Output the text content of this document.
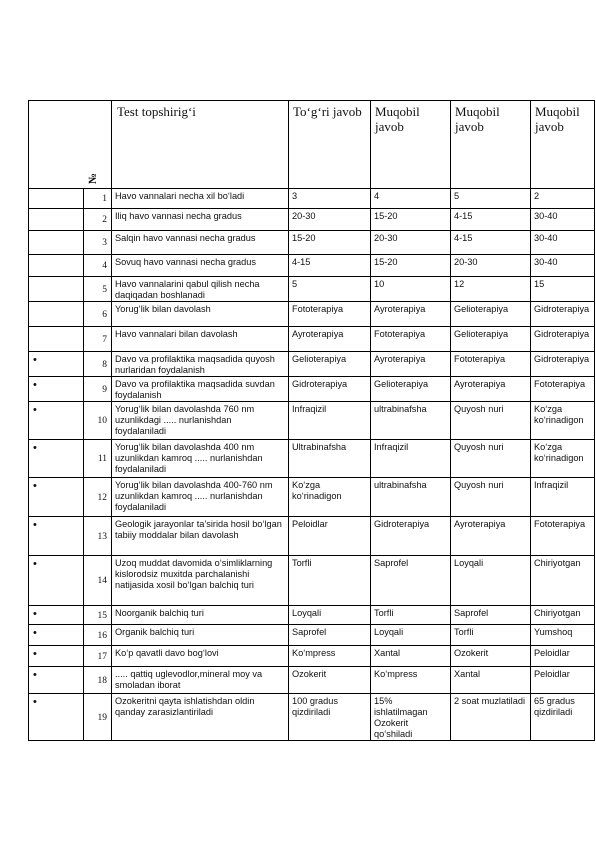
№		Test topshirig‘i	To‘g‘ri javob	Muqobil javob	Muqobil javob	Muqobil javob
	1	Havo vannalari necha xil bo‘ladi	3	4	5	2
	2	Iliq havo vannasi necha gradus	20-30	15-20	4-15	30-40
	3	Salqin havo vannasi necha gradus	15-20	20-30	4-15	30-40
	4	Sovuq havo vannasi necha gradus	4-15	15-20	20-30	30-40
	5	Havo vannalarini qabul qilish necha daqiqadan boshlanadi	5	10	12	15
	6	Yorug‘lik bilan davolash	Fototerapiya	Ayroterapiya	Gelioterapiya	Gidroterapiya
	7	Havo vannalari bilan davolash	Ayroterapiya	Fototerapiya	Gelioterapiya	Gidroterapiya
•	8	Davo va profilaktika maqsadida quyosh nurlaridan foydalanish	Gelioterapiya	Ayroterapiya	Fototerapiya	Gidroterapiya
•	9	Davo va profilaktika maqsadida suvdan foydalanish	Gidroterapiya	Gelioterapiya	Ayroterapiya	Fototerapiya
•	10	Yorug‘lik bilan davolashda 760 nm uzunlikdagi ..... nurlanishdan foydalaniladi	Infraqizil	ultrabinafsha	Quyosh nuri	Ko‘zga ko‘rinadigon
•	11	Yorug‘lik bilan davolashda 400 nm uzunlikdan kamroq ..... nurlanishdan foydalaniladi	Ultrabinafsha	Infraqizil	Quyosh nuri	Ko‘zga ko‘rinadigon
•	12	Yorug‘lik bilan davolashda 400-760 nm uzunlikdan kamroq ..... nurlanishdan foydalaniladi	Ko‘zga ko‘rinadigon	ultrabinafsha	Quyosh nuri	Infraqizil
•	13	Geologik jarayonlar ta’sirida hosil bo‘lgan tabiiy moddalar bilan davolash	Peloidlar	Gidroterapiya	Ayroterapiya	Fototerapiya
•	14	Uzoq muddat davomida o‘simliklarning kislorodsiz muxitda parchalanishi natijasida xosil bo‘lgan balchiq turi	Torfli	Saprofel	Loyqali	Chiriyotgan
•	15	Noorganik balchiq turi	Loyqali	Torfli	Saprofel	Chiriyotgan
•	16	Organik balchiq turi	Saprofel	Loyqali	Torfli	Yumshoq
•	17	Ko‘p qavatli davo bog‘lovi	Ko‘mpress	Xantal	Ozokerit	Peloidlar
•	18	..... qattiq uglevodlor,mineral moy va smoladan iborat	Ozokerit	Ko‘mpress	Xantal	Peloidlar
•	19	Ozokeritni qayta ishlatishdan oldin qanday zarasizlantiriladi	100 gradus qizdiriladi	15% ishlatilmagan Ozokerit qo‘shiladi	2 soat muzlatiladi	65 gradus qizdiriladi
